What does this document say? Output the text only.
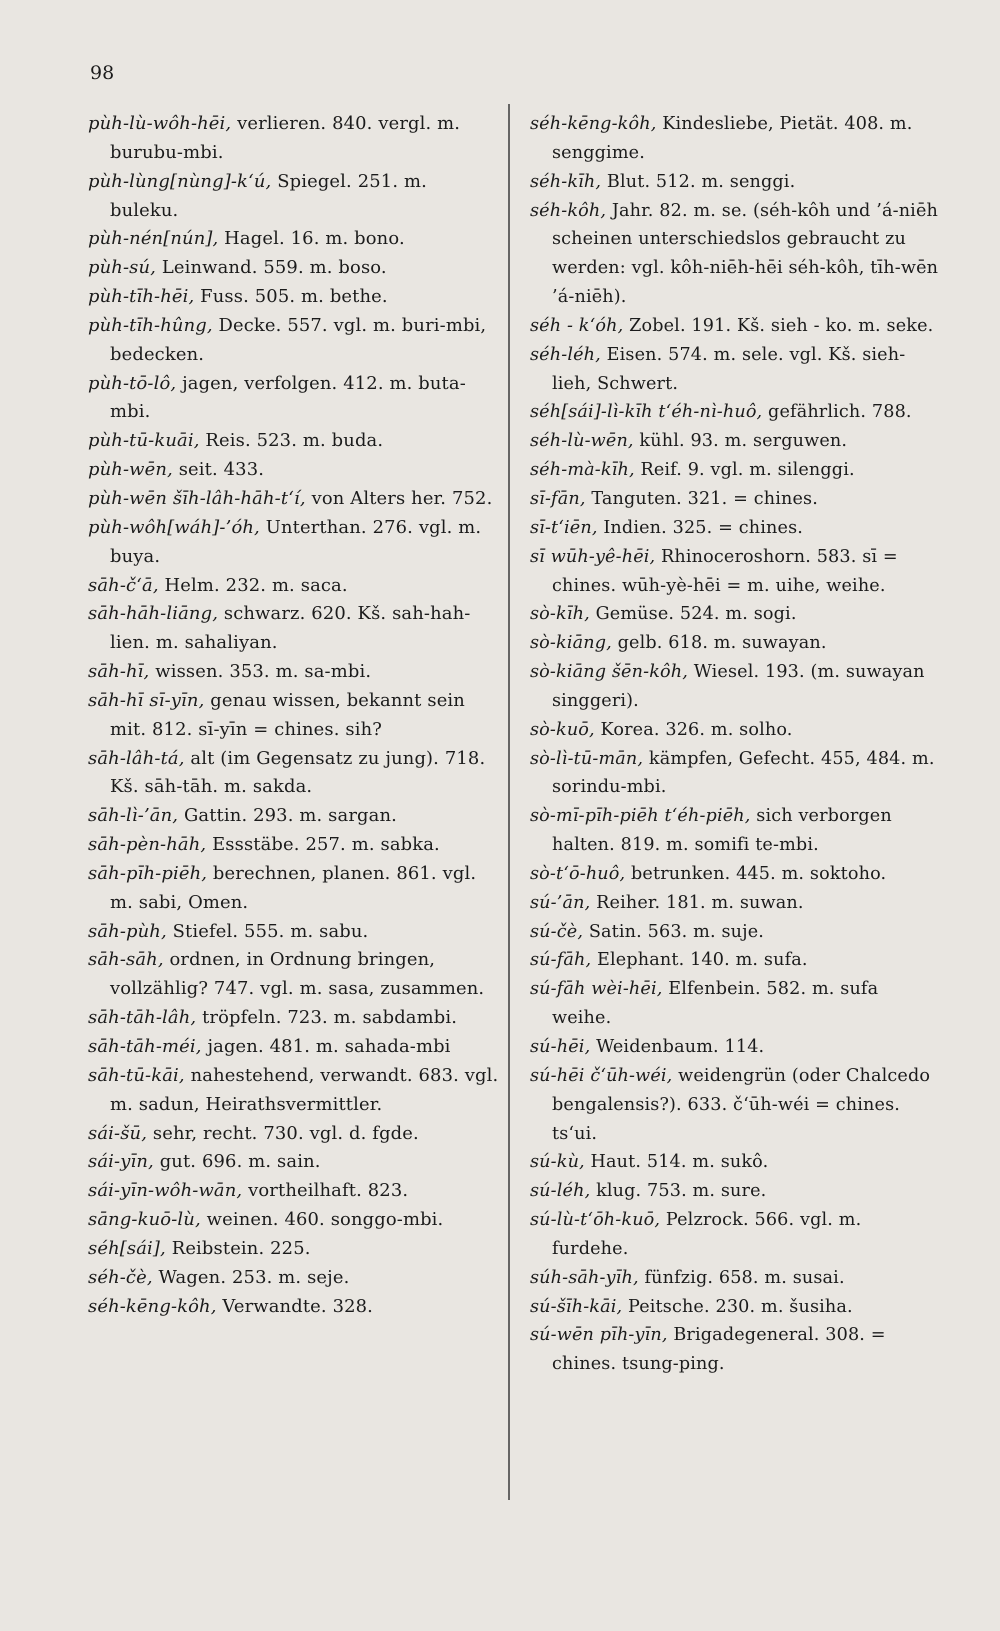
98
pùh-lù-wôh-hēi, verlieren. 840. vergl. m. burubu-mbi.
pùh-lùng[nùng]-k‘ú, Spiegel. 251. m. buleku.
pùh-nén[nún], Hagel. 16. m. bono.
pùh-sú, Leinwand. 559. m. boso.
pùh-tīh-hēi, Fuss. 505. m. bethe.
pùh-tīh-hûng, Decke. 557. vgl. m. buri-mbi, bedecken.
pùh-tō-lô, jagen, verfolgen. 412. m. buta-mbi.
pùh-tū-kuāi, Reis. 523. m. buda.
pùh-wēn, seit. 433.
pùh-wēn šīh-lâh-hāh-t‘í, von Alters her. 752.
pùh-wôh[wáh]-’óh, Unterthan. 276. vgl. m. buya.
sāh-č‘ā, Helm. 232. m. saca.
sāh-hāh-liāng, schwarz. 620. Kš. sah-hah-lien. m. sahaliyan.
sāh-hī, wissen. 353. m. sa-mbi.
sāh-hī sī-yīn, genau wissen, bekannt sein mit. 812. sī-yīn = chines. sih?
sāh-lâh-tá, alt (im Gegensatz zu jung). 718. Kš. sāh-tāh. m. sakda.
sāh-lì-’ān, Gattin. 293. m. sargan.
sāh-pèn-hāh, Essstäbe. 257. m. sabka.
sāh-pīh-piēh, berechnen, planen. 861. vgl. m. sabi, Omen.
sāh-pùh, Stiefel. 555. m. sabu.
sāh-sāh, ordnen, in Ordnung bringen, vollzählig? 747. vgl. m. sasa, zusammen.
sāh-tāh-lâh, tröpfeln. 723. m. sabdambi.
sāh-tāh-méi, jagen. 481. m. sahada-mbi
sāh-tū-kāi, nahestehend, verwandt. 683. vgl. m. sadun, Heirathsvermittler.
sái-šū, sehr, recht. 730. vgl. d. fgde.
sái-yīn, gut. 696. m. sain.
sái-yīn-wôh-wān, vortheilhaft. 823.
sāng-kuō-lù, weinen. 460. songgo-mbi.
séh[sái], Reibstein. 225.
séh-čè, Wagen. 253. m. seje.
séh-kēng-kôh, Verwandte. 328.
séh-kēng-kôh, Kindesliebe, Pietät. 408. m. senggime.
séh-kīh, Blut. 512. m. senggi.
séh-kôh, Jahr. 82. m. se. (séh-kôh und ’á-niēh scheinen unterschiedslos gebraucht zu werden: vgl. kôh-niēh-hēi séh-kôh, tīh-wēn ’á-niēh).
séh - k‘óh, Zobel. 191. Kš. sieh - ko. m. seke.
séh-léh, Eisen. 574. m. sele. vgl. Kš. sieh-lieh, Schwert.
séh[sái]-lì-kīh t‘éh-nì-huô, gefährlich. 788.
séh-lù-wēn, kühl. 93. m. serguwen.
séh-mà-kīh, Reif. 9. vgl. m. silenggi.
sī-fān, Tanguten. 321. = chines.
sī-t‘iēn, Indien. 325. = chines.
sī wūh-yê-hēi, Rhinoceroshorn. 583. sī = chines. wūh-yè-hēi = m. uihe, weihe.
sò-kīh, Gemüse. 524. m. sogi.
sò-kiāng, gelb. 618. m. suwayan.
sò-kiāng šēn-kôh, Wiesel. 193. (m. suwayan singgeri).
sò-kuō, Korea. 326. m. solho.
sò-lì-tū-mān, kämpfen, Gefecht. 455, 484. m. sorindu-mbi.
sò-mī-pīh-piēh t‘éh-piēh, sich verborgen halten. 819. m. somifi te-mbi.
sò-t‘ō-huô, betrunken. 445. m. soktoho.
sú-’ān, Reiher. 181. m. suwan.
sú-čè, Satin. 563. m. suje.
sú-fāh, Elephant. 140. m. sufa.
sú-fāh wèi-hēi, Elfenbein. 582. m. sufa weihe.
sú-hēi, Weidenbaum. 114.
sú-hēi č‘ūh-wéi, weidengrün (oder Chalcedo bengalensis?). 633. č‘ūh-wéi = chines. ts‘ui.
sú-kù, Haut. 514. m. sukô.
sú-léh, klug. 753. m. sure.
sú-lù-t‘ōh-kuō, Pelzrock. 566. vgl. m. furdehe.
súh-sāh-yīh, fünfzig. 658. m. susai.
sú-šīh-kāi, Peitsche. 230. m. šusiha.
sú-wēn pīh-yīn, Brigadegeneral. 308. = chines. tsung-ping.
